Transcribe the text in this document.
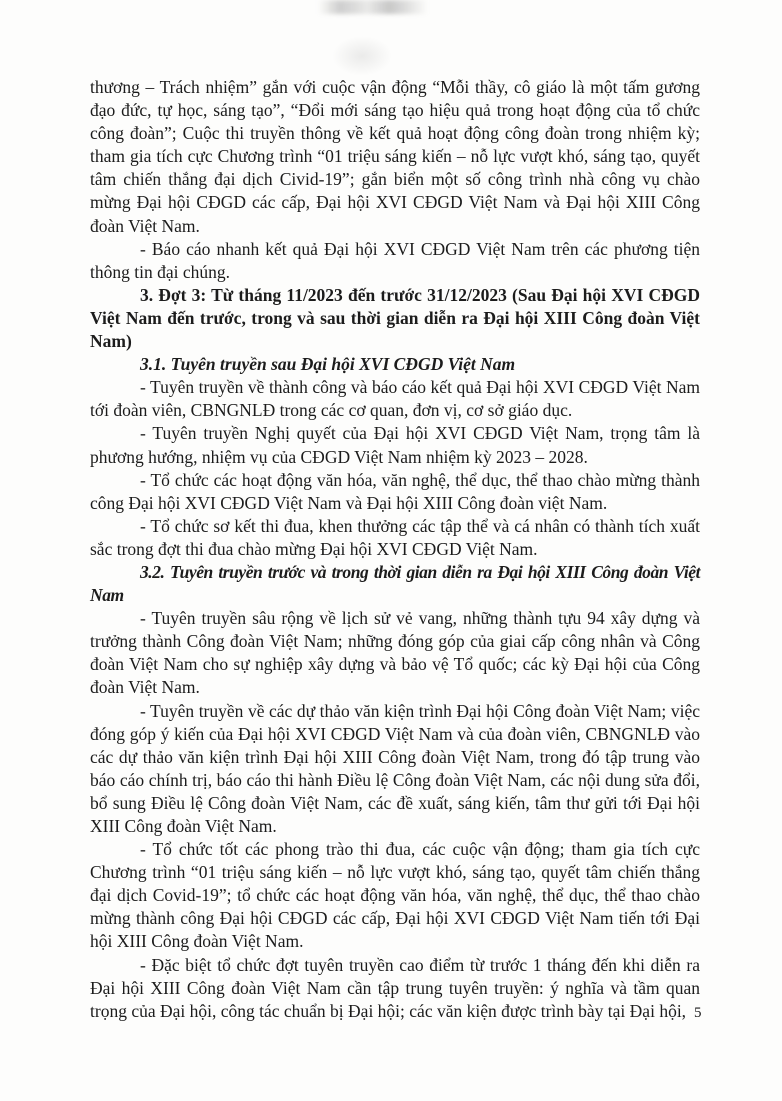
thương – Trách nhiệm” gắn với cuộc vận động “Mỗi thầy, cô giáo là một tấm gương đạo đức, tự học, sáng tạo”, “Đổi mới sáng tạo hiệu quả trong hoạt động của tổ chức công đoàn”; Cuộc thi truyền thông về kết quả hoạt động công đoàn trong nhiệm kỳ; tham gia tích cực Chương trình “01 triệu sáng kiến – nỗ lực vượt khó, sáng tạo, quyết tâm chiến thắng đại dịch Civid-19”; gắn biển một số công trình nhà công vụ chào mừng Đại hội CĐGD các cấp, Đại hội XVI CĐGD Việt Nam và Đại hội XIII Công đoàn Việt Nam.

- Báo cáo nhanh kết quả Đại hội XVI CĐGD Việt Nam trên các phương tiện thông tin đại chúng.

3. Đợt 3: Từ tháng 11/2023 đến trước 31/12/2023 (Sau Đại hội XVI CĐGD Việt Nam đến trước, trong và sau thời gian diễn ra Đại hội XIII Công đoàn Việt Nam)

3.1. Tuyên truyền sau Đại hội XVI CĐGD Việt Nam

- Tuyên truyền về thành công và báo cáo kết quả Đại hội XVI CĐGD Việt Nam tới đoàn viên, CBNGNLĐ trong các cơ quan, đơn vị, cơ sở giáo dục.

- Tuyên truyền Nghị quyết của Đại hội XVI CĐGD Việt Nam, trọng tâm là phương hướng, nhiệm vụ của CĐGD Việt Nam nhiệm kỳ 2023 – 2028.

- Tổ chức các hoạt động văn hóa, văn nghệ, thể dục, thể thao chào mừng thành công Đại hội XVI CĐGD Việt Nam và Đại hội XIII Công đoàn việt Nam.

- Tổ chức sơ kết thi đua, khen thưởng các tập thể và cá nhân có thành tích xuất sắc trong đợt thi đua chào mừng Đại hội XVI CĐGD Việt Nam.

3.2. Tuyên truyền trước và trong thời gian diễn ra Đại hội XIII Công đoàn Việt Nam

- Tuyên truyền sâu rộng về lịch sử vẻ vang, những thành tựu 94 xây dựng và trưởng thành Công đoàn Việt Nam; những đóng góp của giai cấp công nhân và Công đoàn Việt Nam cho sự nghiệp xây dựng và bảo vệ Tổ quốc; các kỳ Đại hội của Công đoàn Việt Nam.

- Tuyên truyền về các dự thảo văn kiện trình Đại hội Công đoàn Việt Nam; việc đóng góp ý kiến của Đại hội XVI CĐGD Việt Nam và của đoàn viên, CBNGNLĐ vào các dự thảo văn kiện trình Đại hội XIII Công đoàn Việt Nam, trong đó tập trung vào báo cáo chính trị, báo cáo thi hành Điều lệ Công đoàn Việt Nam, các nội dung sửa đổi, bổ sung Điều lệ Công đoàn Việt Nam, các đề xuất, sáng kiến, tâm thư gửi tới Đại hội XIII Công đoàn Việt Nam.

- Tổ chức tốt các phong trào thi đua, các cuộc vận động; tham gia tích cực Chương trình “01 triệu sáng kiến – nỗ lực vượt khó, sáng tạo, quyết tâm chiến thắng đại dịch Covid-19”; tổ chức các hoạt động văn hóa, văn nghệ, thể dục, thể thao chào mừng thành công Đại hội CĐGD các cấp, Đại hội XVI CĐGD Việt Nam tiến tới Đại hội XIII Công đoàn Việt Nam.

- Đặc biệt tổ chức đợt tuyên truyền cao điểm từ trước 1 tháng đến khi diễn ra Đại hội XIII Công đoàn Việt Nam cần tập trung tuyên truyền: ý nghĩa và tầm quan trọng của Đại hội, công tác chuẩn bị Đại hội; các văn kiện được trình bày tại Đại hội, 5
